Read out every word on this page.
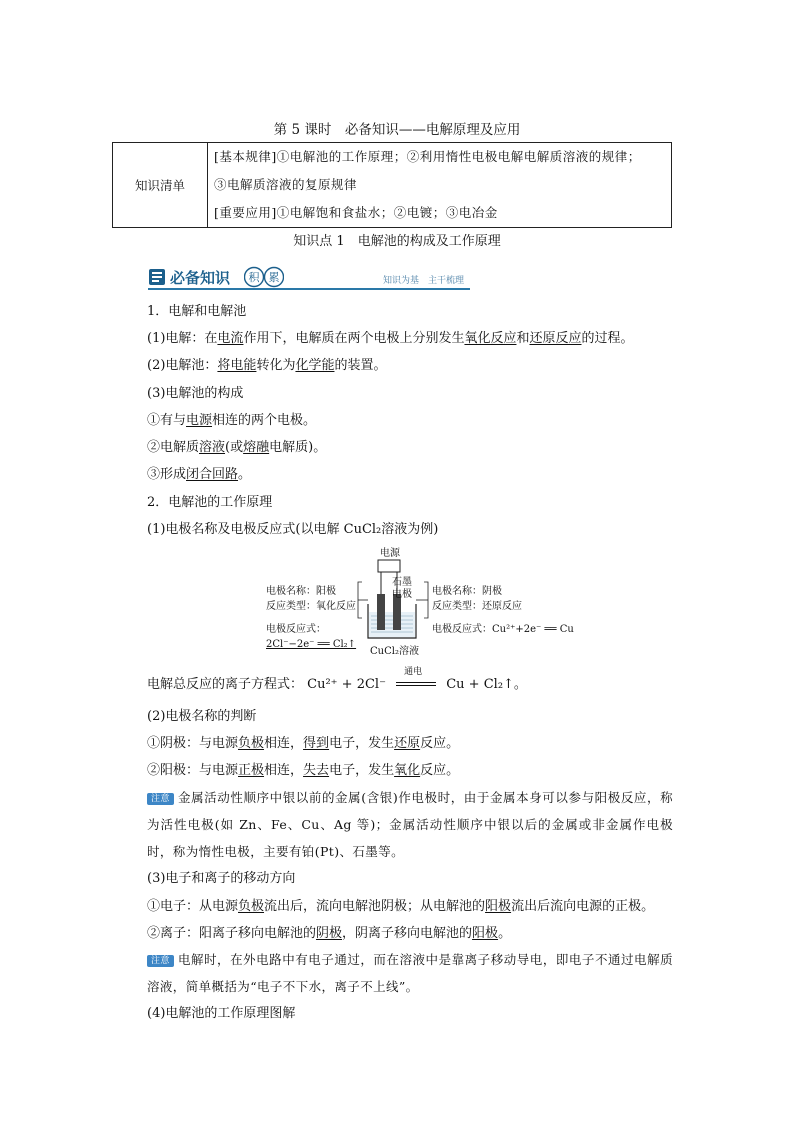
第 5 课时　必备知识——电解原理及应用
知识清单	
[基本规律]①电解池的工作原理；②利用惰性电极电解电解质溶液的规律；
③电解质溶液的复原规律
[重要应用]①电解饱和食盐水；②电镀；③电冶金
知识点 1　电解池的构成及工作原理
必备知识 积 累	知识为基　主干梳理
1．电解和电解池
(1)电解：在电流作用下，电解质在两个电极上分别发生氧化反应和还原反应的过程。
(2)电解池：将电能转化为化学能的装置。
(3)电解池的构成
①有与电源相连的两个电极。
②电解质溶液(或熔融电解质)。
③形成闭合回路。
2．电解池的工作原理
(1)电极名称及电极反应式(以电解 CuCl₂溶液为例)
电源
石墨
电极
电极名称：阳极
反应类型：氧化反应
电极反应式：
2Cl⁻−2e⁻ ══ Cl₂↑
电极名称：阴极
反应类型：还原反应
电极反应式：Cu²⁺+2e⁻ ══ Cu
CuCl₂溶液
电解总反应的离子方程式： Cu²⁺ + 2Cl⁻
通电
Cu + Cl₂↑。
(2)电极名称的判断
①阴极：与电源负极相连，得到电子，发生还原反应。
②阳极：与电源正极相连，失去电子，发生氧化反应。
注意 金属活动性顺序中银以前的金属(含银)作电极时，由于金属本身可以参与阳极反应，称为活性电极(如 Zn、Fe、Cu、Ag 等)；金属活动性顺序中银以后的金属或非金属作电极时，称为惰性电极，主要有铂(Pt)、石墨等。
(3)电子和离子的移动方向
①电子：从电源负极流出后，流向电解池阴极；从电解池的阳极流出后流向电源的正极。
②离子：阳离子移向电解池的阴极，阴离子移向电解池的阳极。
注意 电解时，在外电路中有电子通过，而在溶液中是靠离子移动导电，即电子不通过电解质溶液，简单概括为“电子不下水，离子不上线”。
(4)电解池的工作原理图解
